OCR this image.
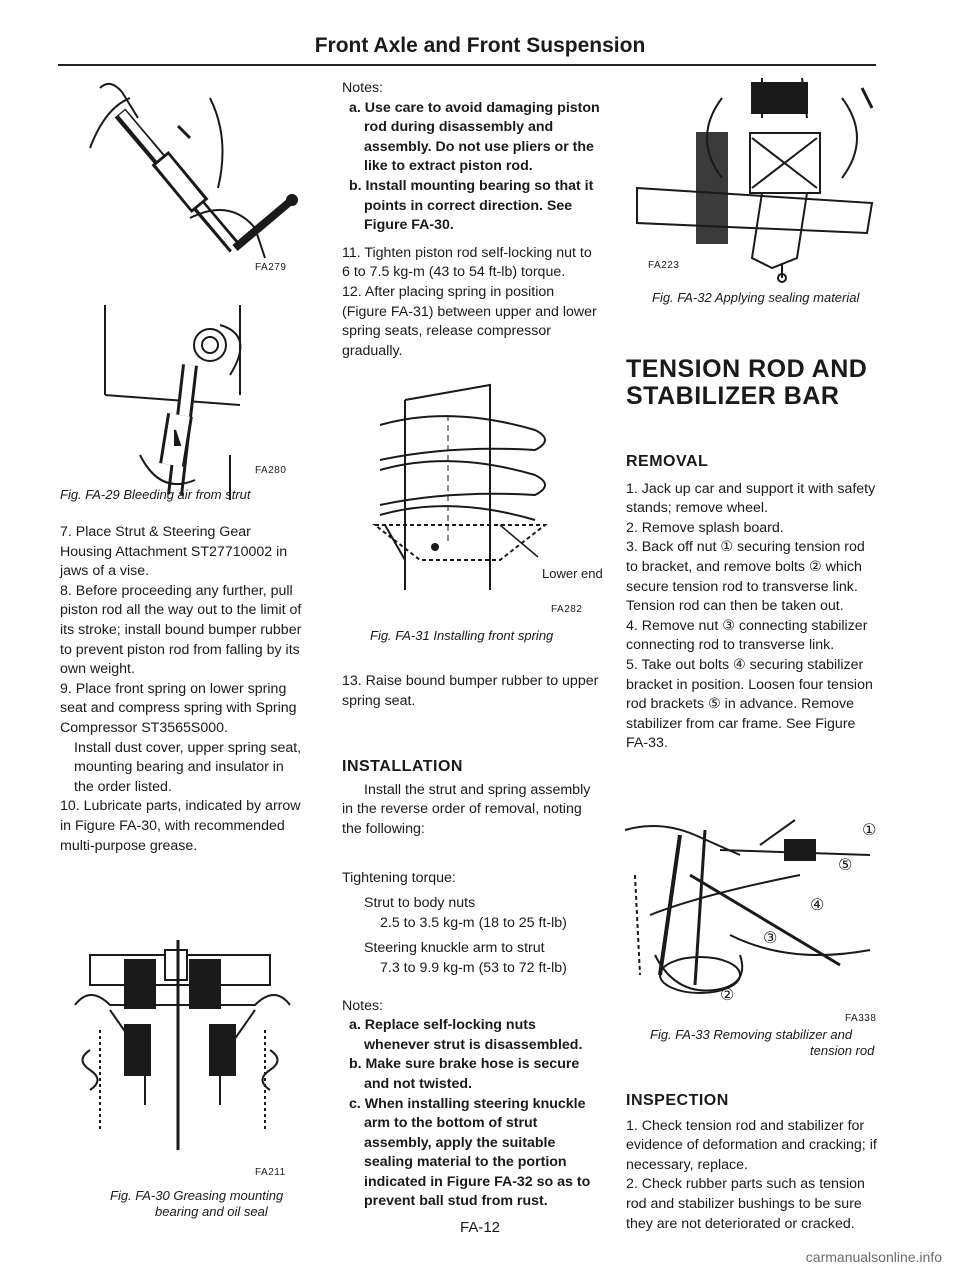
Front Axle and Front Suspension
FA279
FA280
Fig. FA-29 Bleeding air from strut

7. Place Strut & Steering Gear Housing Attachment ST27710002 in jaws of a vise.

8. Before proceeding any further, pull piston rod all the way out to the limit of its stroke; install bound bumper rubber to prevent piston rod from falling by its own weight.

9. Place front spring on lower spring seat and compress spring with Spring Compressor ST3565S000.

Install dust cover, upper spring seat, mounting bearing and insulator in the order listed.

10. Lubricate parts, indicated by arrow in Figure FA-30, with recommended multi-purpose grease.

FA211
Fig. FA-30 Greasing mounting
bearing and oil seal

Notes:

a. Use care to avoid damaging piston rod during disassembly and assembly. Do not use pliers or the like to extract piston rod.

b. Install mounting bearing so that it points in correct direction. See Figure FA-30.

11. Tighten piston rod self-locking nut to 6 to 7.5 kg-m (43 to 54 ft-lb) torque.

12. After placing spring in position (Figure FA-31) between upper and lower spring seats, release compressor gradually.

Lower end
FA282
Fig. FA-31 Installing front spring

13. Raise bound bumper rubber to upper spring seat.

INSTALLATION

Install the strut and spring assembly in the reverse order of removal, noting the following:

Tightening torque:

Strut to body nuts

2.5 to 3.5 kg-m (18 to 25 ft-lb)

Steering knuckle arm to strut

7.3 to 9.9 kg-m (53 to 72 ft-lb)

Notes:

a. Replace self-locking nuts whenever strut is disassembled.

b. Make sure brake hose is secure and not twisted.

c. When installing steering knuckle arm to the bottom of strut assembly, apply the suitable sealing material to the portion indicated in Figure FA-32 so as to prevent ball stud from rust.

FA-12
FA223
Fig. FA-32 Applying sealing material
TENSION ROD AND
STABILIZER BAR

REMOVAL

1. Jack up car and support it with safety stands; remove wheel.

2. Remove splash board.

3. Back off nut ① securing tension rod to bracket, and remove bolts ② which secure tension rod to transverse link. Tension rod can then be taken out.

4. Remove nut ③ connecting stabilizer connecting rod to transverse link.

5. Take out bolts ④ securing stabilizer bracket in position. Loosen four tension rod brackets ⑤ in advance. Remove stabilizer from car frame. See Figure FA-33.

①
⑤
④
③
②
FA338
Fig. FA-33 Removing stabilizer and
tension rod

INSPECTION

1. Check tension rod and stabilizer for evidence of deformation and cracking; if necessary, replace.

2. Check rubber parts such as tension rod and stabilizer bushings to be sure they are not deteriorated or cracked.

carmanualsonline.info
